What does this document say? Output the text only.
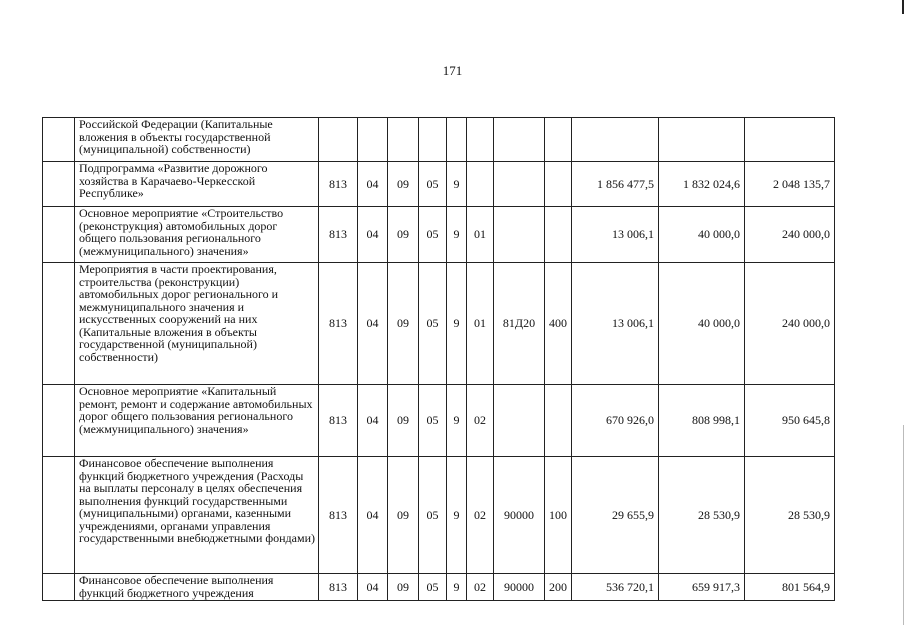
171
	Российской Федерации (Капитальные вложения в объекты государственной (муниципальной) собственности)											
	Подпрограмма «Развитие дорожного хозяйства в Карачаево-Черкесской Республике»	813	04	09	05	9				1 856 477,5	1 832 024,6	2 048 135,7
	Основное мероприятие «Строительство (реконструкция) автомобильных дорог общего пользования регионального (межмуниципального) значения»	813	04	09	05	9	01			13 006,1	40 000,0	240 000,0
	Мероприятия в части проектирования, строительства (реконструкции) автомобильных дорог регионального и межмуниципального значения и искусственных сооружений на них (Капитальные вложения в объекты государственной (муниципальной) собственности)	813	04	09	05	9	01	81Д20	400	13 006,1	40 000,0	240 000,0
	Основное мероприятие «Капитальный ремонт, ремонт и содержание автомобильных дорог общего пользования регионального (межмуниципального) значения»	813	04	09	05	9	02			670 926,0	808 998,1	950 645,8
	Финансовое обеспечение выполнения функций бюджетного учреждения (Расходы на выплаты персоналу в целях обеспечения выполнения функций государственными (муниципальными) органами, казенными учреждениями, органами управления государственными внебюджетными фондами)	813	04	09	05	9	02	90000	100	29 655,9	28 530,9	28 530,9
	Финансовое обеспечение выполнения функций бюджетного учреждения	813	04	09	05	9	02	90000	200	536 720,1	659 917,3	801 564,9
